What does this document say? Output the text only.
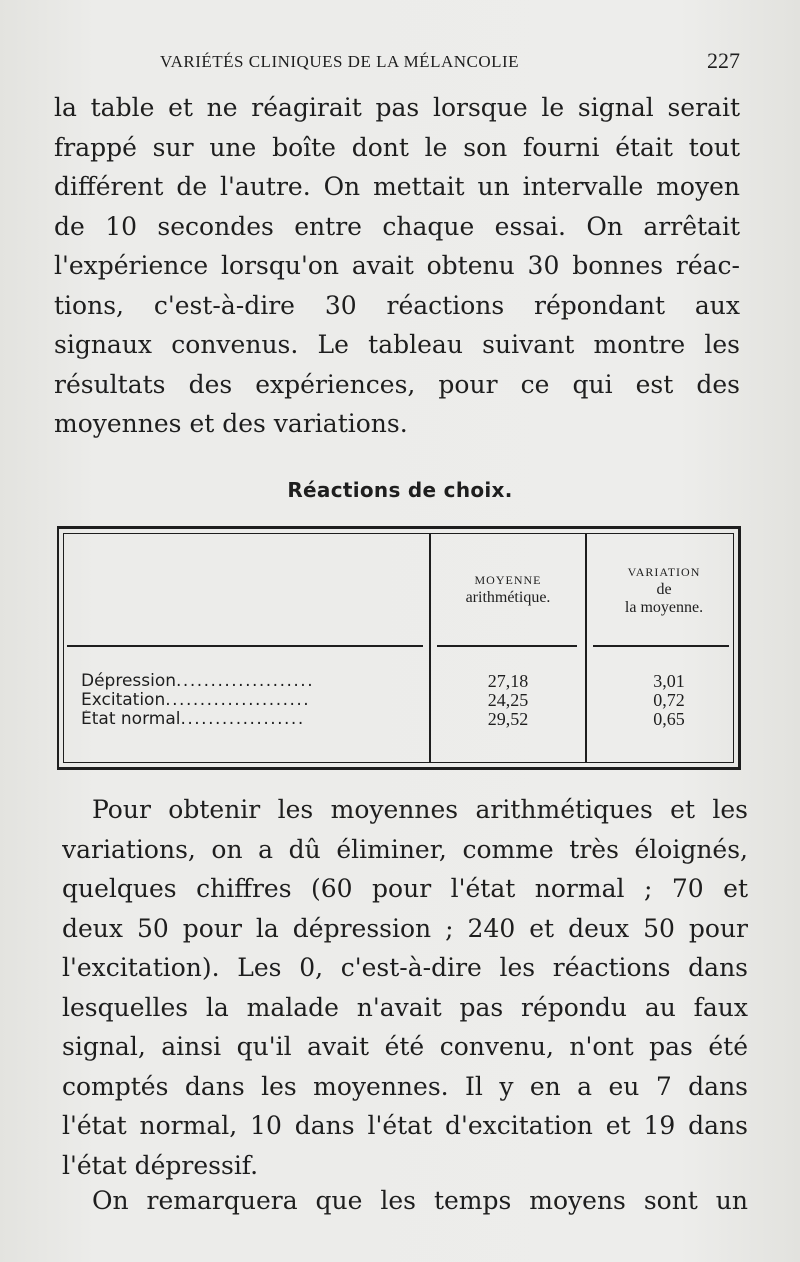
VARIÉTÉS CLINIQUES DE LA MÉLANCOLIE	227
la table et ne réagirait pas lorsque le signal serait
frappé sur une boîte dont le son fourni était tout
différent de l'autre. On mettait un intervalle moyen
de 10 secondes entre chaque essai. On arrêtait
l'expérience lorsqu'on avait obtenu 30 bonnes réac-
tions, c'est-à-dire 30 réactions répondant aux
signaux convenus. Le tableau suivant montre les
résultats des expériences, pour ce qui est des
moyennes et des variations.
Réactions de choix.
MOYENNE
arithmétique.
VARIATION
de
la moyenne.
Dépression....................
Excitation.....................
État normal..................
27,18
24,25
29,52
3,01
0,72
0,65
Pour obtenir les moyennes arithmétiques et les
variations, on a dû éliminer, comme très éloignés,
quelques chiffres (60 pour l'état normal ; 70 et
deux 50 pour la dépression ; 240 et deux 50 pour
l'excitation). Les 0, c'est-à-dire les réactions dans
lesquelles la malade n'avait pas répondu au faux
signal, ainsi qu'il avait été convenu, n'ont pas été
comptés dans les moyennes. Il y en a eu 7 dans
l'état normal, 10 dans l'état d'excitation et 19 dans
l'état dépressif.
On remarquera que les temps moyens sont un
